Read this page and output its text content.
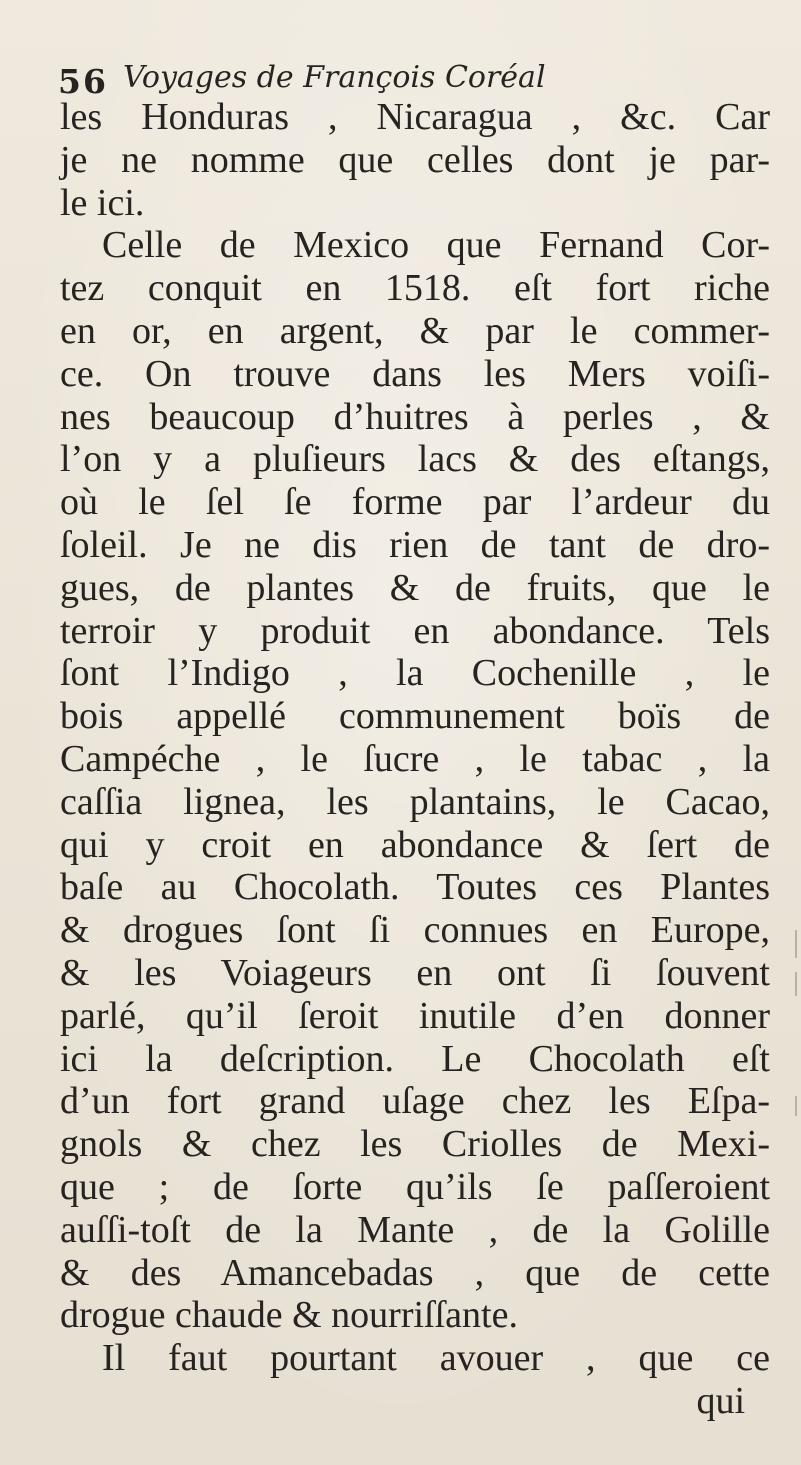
56 Voyages de François Coréal
les Honduras , Nicaragua , &c. Car
je ne nomme que celles dont je par-
le ici.
Celle de Mexico que Fernand Cor-
tez conquit en 1518. eſt fort riche
en or, en argent, & par le commer-
ce. On trouve dans les Mers voiſi-
nes beaucoup d’huitres à perles , &
l’on y a pluſieurs lacs & des eſtangs,
où le ſel ſe forme par l’ardeur du
ſoleil. Je ne dis rien de tant de dro-
gues, de plantes & de fruits, que le
terroir y produit en abondance. Tels
ſont l’Indigo , la Cochenille , le
bois appellé communement boïs de
Campéche , le ſucre , le tabac , la
caſſia lignea, les plantains, le Cacao,
qui y croit en abondance & ſert de
baſe au Chocolath. Toutes ces Plantes
& drogues ſont ſi connues en Europe,
& les Voiageurs en ont ſi ſouvent
parlé, qu’il ſeroit inutile d’en donner
ici la deſcription. Le Chocolath eſt
d’un fort grand uſage chez les Eſpa-
gnols & chez les Criolles de Mexi-
que ; de ſorte qu’ils ſe paſſeroient
auſſi-toſt de la Mante , de la Golille
& des Amancebadas , que de cette
drogue chaude & nourriſſante.
Il faut pourtant avouer , que ce
qui
